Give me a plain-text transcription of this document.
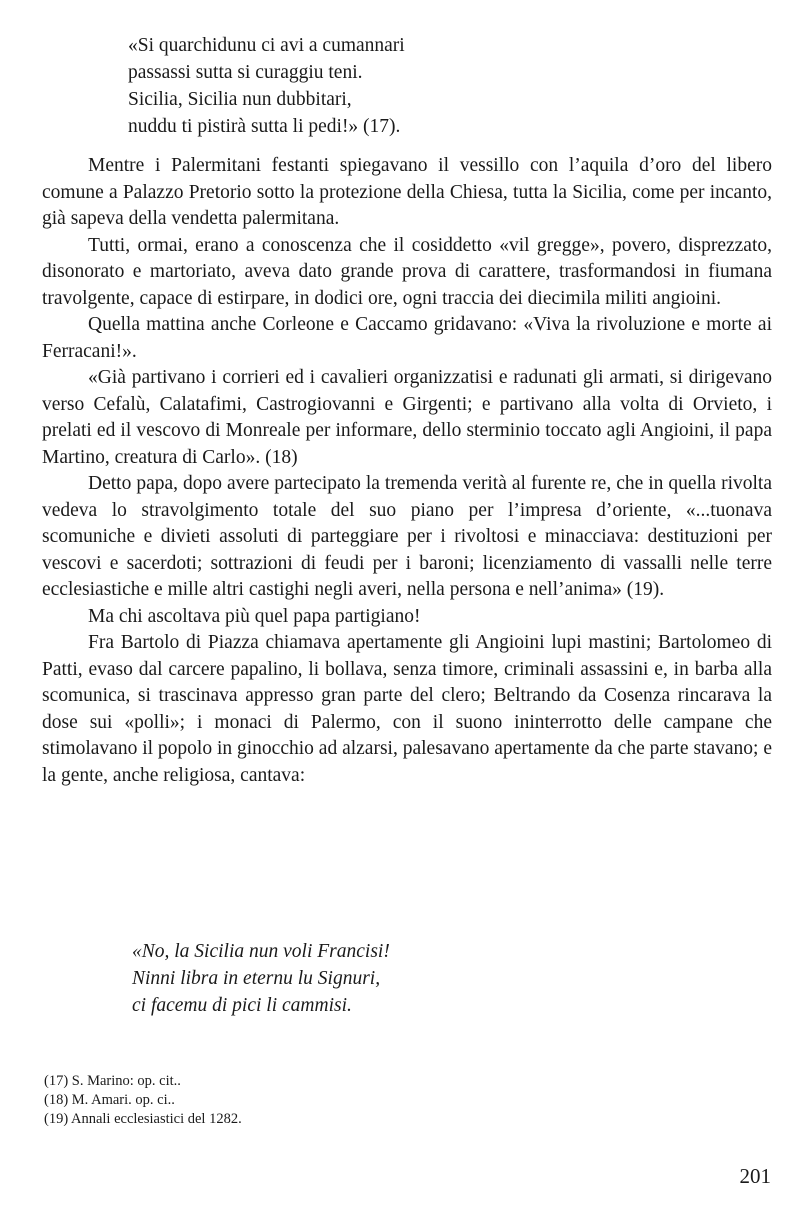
«Si quarchidunu ci avi a cumannari
passassi sutta si curaggiu teni.
Sicilia, Sicilia nun dubbitari,
nuddu ti pistirà sutta li pedi!» (17).

Mentre i Palermitani festanti spiegavano il vessillo con l’aquila d’oro del libero comune a Palazzo Pretorio sotto la protezione della Chiesa, tutta la Sicilia, come per incanto, già sapeva della vendetta palermitana.

Tutti, ormai, erano a conoscenza che il cosiddetto «vil gregge», povero, disprezzato, disonorato e martoriato, aveva dato grande prova di carattere, trasformandosi in fiumana travolgente, capace di estirpare, in dodici ore, ogni traccia dei diecimila militi angioini.

Quella mattina anche Corleone e Caccamo gridavano: «Viva la rivoluzione e morte ai Ferracani!».

«Già partivano i corrieri ed i cavalieri organizzatisi e radunati gli armati, si dirigevano verso Cefalù, Calatafimi, Castrogiovanni e Girgenti; e partivano alla volta di Orvieto, i prelati ed il vescovo di Monreale per informare, dello sterminio toccato agli Angioini, il papa Martino, creatura di Carlo». (18)

Detto papa, dopo avere partecipato la tremenda verità al furente re, che in quella rivolta vedeva lo stravolgimento totale del suo piano per l’impresa d’oriente, «...tuonava scomuniche e divieti assoluti di parteggiare per i rivoltosi e minacciava: destituzioni per vescovi e sacerdoti; sottrazioni di feudi per i baroni; licenziamento di vassalli nelle terre ecclesiastiche e mille altri castighi negli averi, nella persona e nell’anima» (19).

Ma chi ascoltava più quel papa partigiano!

Fra Bartolo di Piazza chiamava apertamente gli Angioini lupi mastini; Bartolomeo di Patti, evaso dal carcere papalino, li bollava, senza timore, criminali assassini e, in barba alla scomunica, si trascinava appresso gran parte del clero; Beltrando da Cosenza rincarava la dose sui «polli»; i monaci di Palermo, con il suono ininterrotto delle campane che stimolavano il popolo in ginocchio ad alzarsi, palesavano apertamente da che parte stavano; e la gente, anche religiosa, cantava:

«No, la Sicilia nun voli Francisi!
Ninni libra in eternu lu Signuri,
ci facemu di pici li cammisi.
(17) S. Marino: op. cit..
(18) M. Amari. op. ci..
(19) Annali ecclesiastici del 1282.
201
